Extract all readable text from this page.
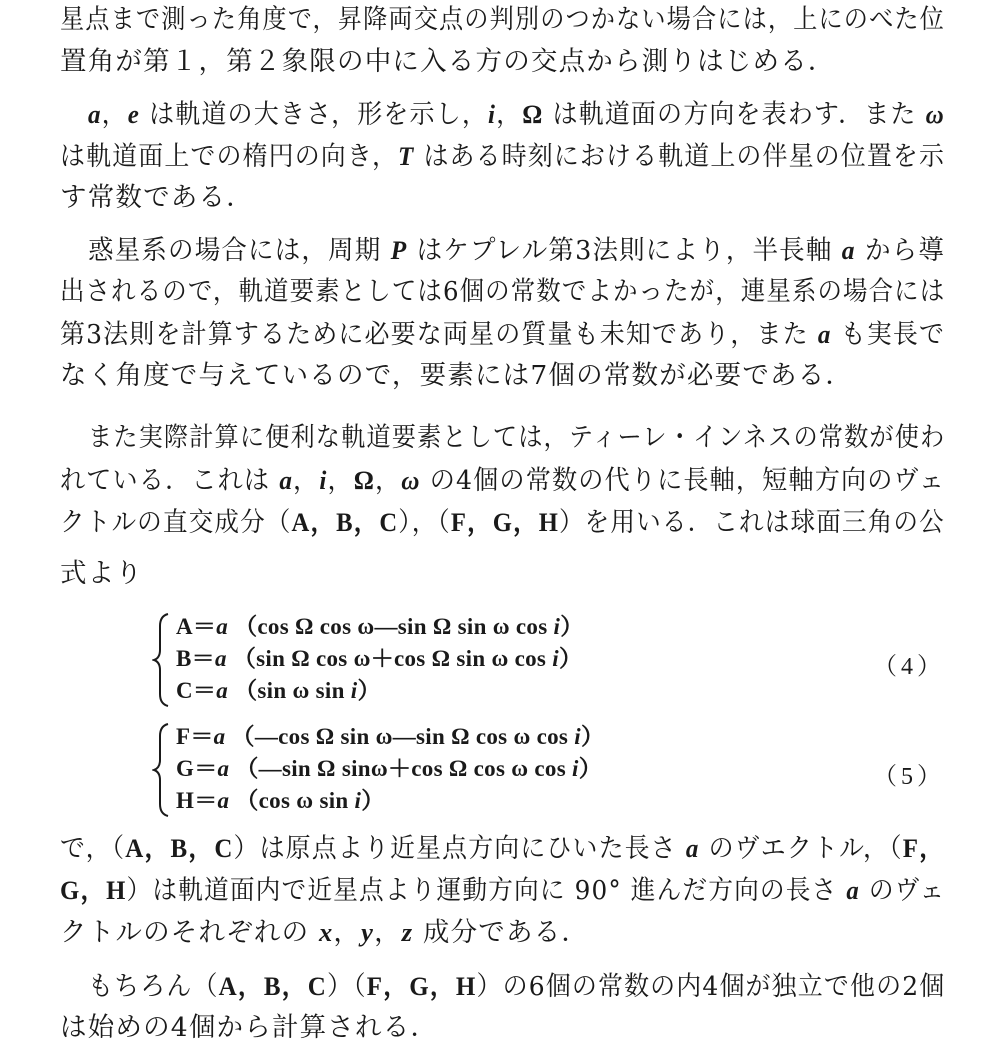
星点まで測った角度で，昇降両交点の判別のつかない場合には，上にのべた位
置角が第１，第２象限の中に入る方の交点から測りはじめる．
a，e は軌道の大きさ，形を示し，i，Ω は軌道面の方向を表わす．また ω
は軌道面上での楕円の向き，T はある時刻における軌道上の伴星の位置を示
す常数である．
惑星系の場合には，周期 P はケプレル第3法則により，半長軸 a から導
出されるので，軌道要素としては6個の常数でよかったが，連星系の場合には
第3法則を計算するために必要な両星の質量も未知であり，また a も実長で
なく角度で与えているので，要素には7個の常数が必要である．
また実際計算に便利な軌道要素としては，ティーレ・インネスの常数が使わ
れている．これは a，i，Ω，ω の4個の常数の代りに長軸，短軸方向のヴェ
クトルの直交成分（A，B，C），（F，G，H）を用いる．これは球面三角の公
式より
A＝a （cos Ω cos ω—sin Ω sin ω cos i）
B＝a （sin Ω cos ω＋cos Ω sin ω cos i）
C＝a （sin ω sin i）
（4）
F＝a （—cos Ω sin ω—sin Ω cos ω cos i）
G＝a （—sin Ω sinω＋cos Ω cos ω cos i）
H＝a （cos ω sin i）
（5）
で，（A，B，C）は原点より近星点方向にひいた長さ a のヴエクトル，（F，
G，H）は軌道面内で近星点より運動方向に 90° 進んだ方向の長さ a のヴェ
クトルのそれぞれの x，y，z 成分である．
もちろん（A，B，C）（F，G，H）の6個の常数の内4個が独立で他の2個
は始めの4個から計算される．
